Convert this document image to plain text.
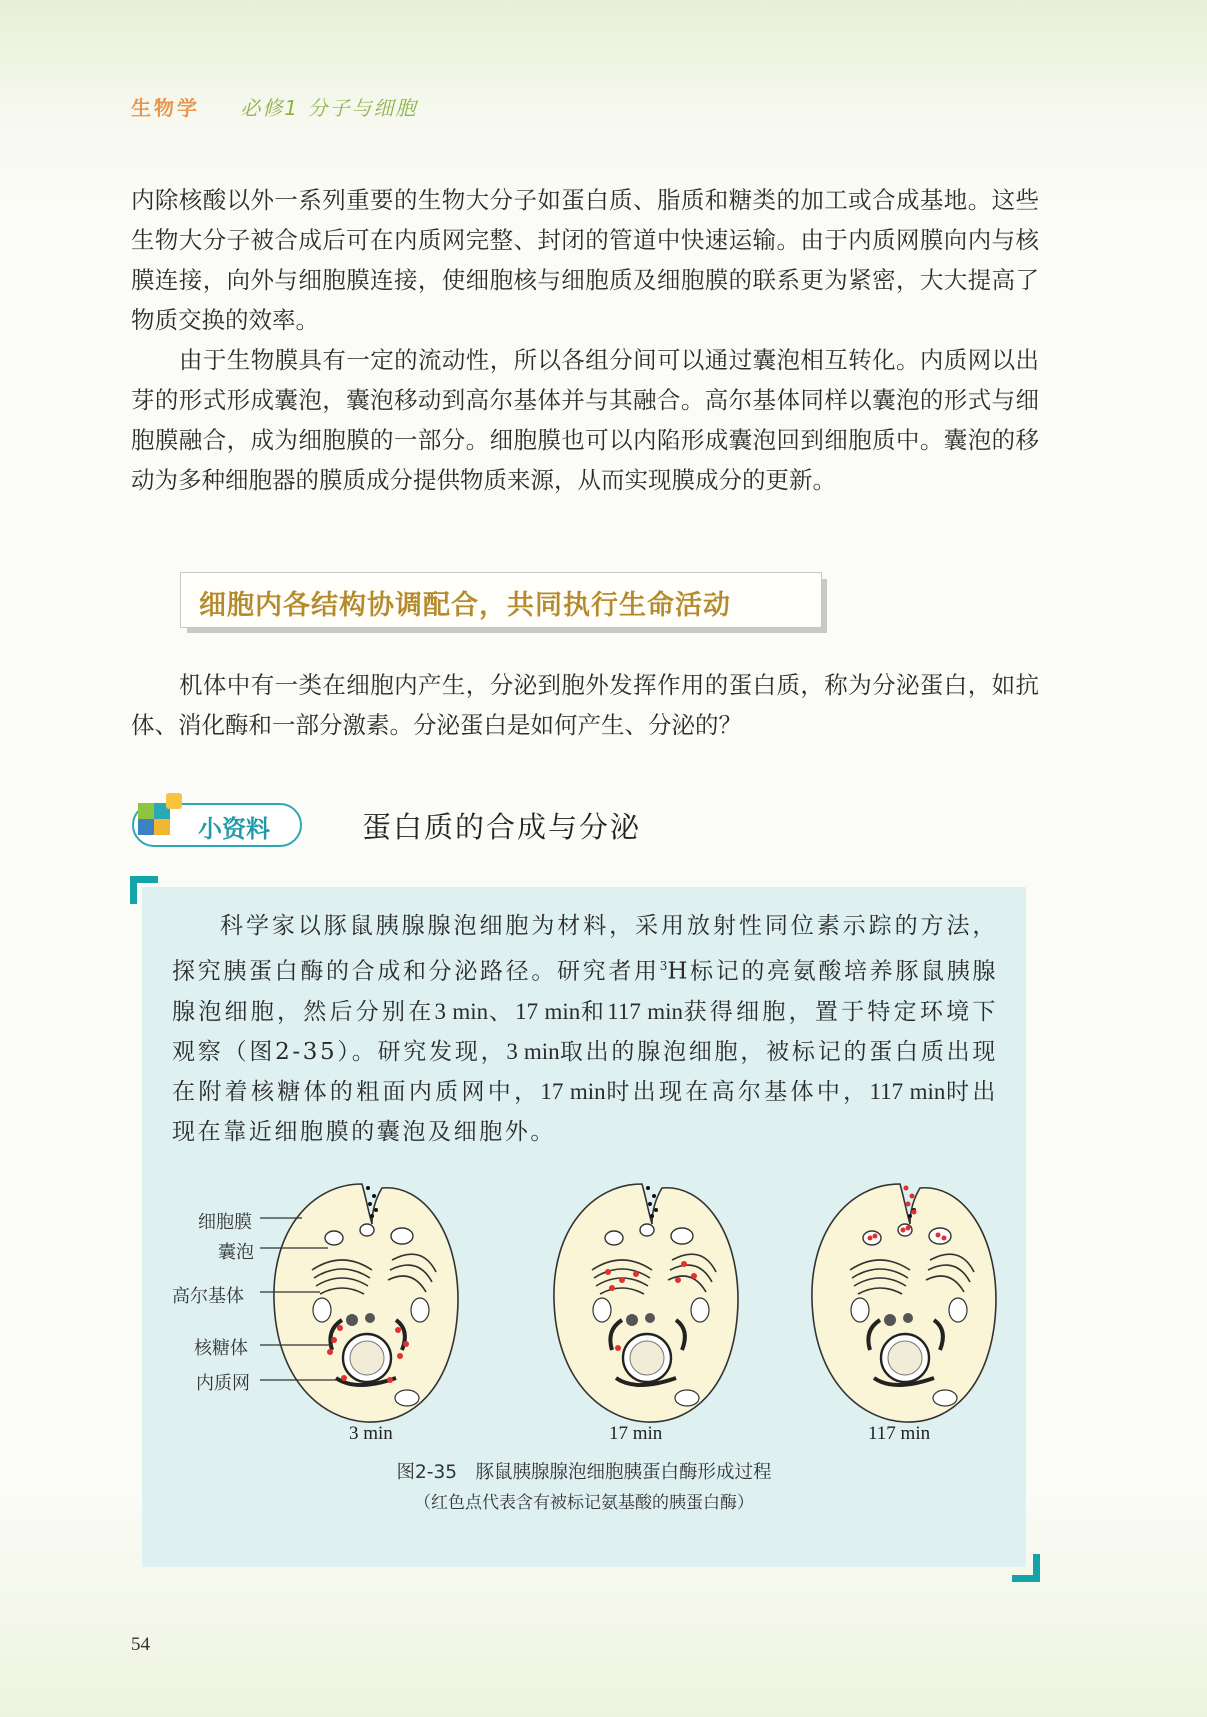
生物学 必修1 分子与细胞

内除核酸以外一系列重要的生物大分子如蛋白质、脂质和糖类的加工或合成基地。这些生物大分子被合成后可在内质网完整、封闭的管道中快速运输。由于内质网膜向内与核膜连接，向外与细胞膜连接，使细胞核与细胞质及细胞膜的联系更为紧密，大大提高了物质交换的效率。

由于生物膜具有一定的流动性，所以各组分间可以通过囊泡相互转化。内质网以出芽的形式形成囊泡，囊泡移动到高尔基体并与其融合。高尔基体同样以囊泡的形式与细胞膜融合，成为细胞膜的一部分。细胞膜也可以内陷形成囊泡回到细胞质中。囊泡的移动为多种细胞器的膜质成分提供物质来源，从而实现膜成分的更新。

细胞内各结构协调配合，共同执行生命活动

机体中有一类在细胞内产生，分泌到胞外发挥作用的蛋白质，称为分泌蛋白，如抗体、消化酶和一部分激素。分泌蛋白是如何产生、分泌的？

小资料	蛋白质的合成与分泌

科学家以豚鼠胰腺腺泡细胞为材料，采用放射性同位素示踪的方法，探究胰蛋白酶的合成和分泌路径。研究者用$^3$H标记的亮氨酸培养豚鼠胰腺腺泡细胞，然后分别在3 min、17 min和117 min获得细胞，置于特定环境下观察（图2-35）。研究发现，3 min取出的腺泡细胞，被标记的蛋白质出现在附着核糖体的粗面内质网中，17 min时出现在高尔基体中，117 min时出现在靠近细胞膜的囊泡及细胞外。

细胞膜
囊泡
高尔基体
核糖体
内质网
3 min	17 min	117 min
图2-35　豚鼠胰腺腺泡细胞胰蛋白酶形成过程
（红色点代表含有被标记氨基酸的胰蛋白酶）
54
